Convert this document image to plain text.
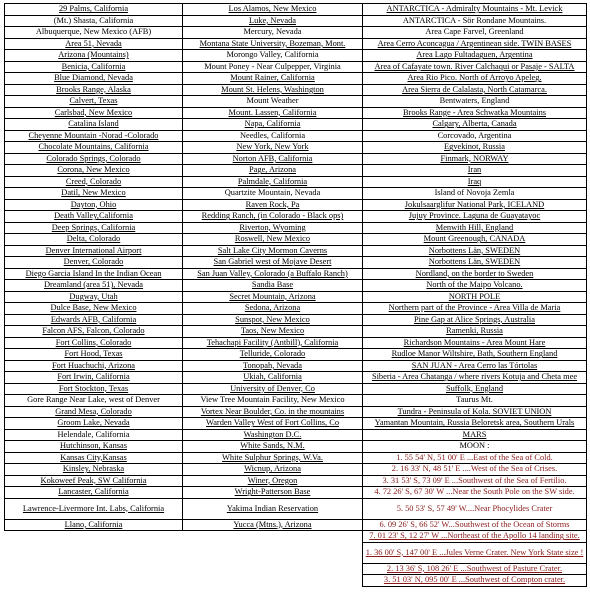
29 Palms, California	Los Alamos, New Mexico	ANTARCTICA - Admiralty Mountains - Mt. Levick
(Mt.) Shasta, California	Luke, Nevada	ANTARCTICA - Sör Rondane Mountains.
Albuquerque, New Mexico (AFB)	Mercury, Nevada	Area Cape Farvel, Greenland
Area 51, Nevada	Montana State University, Bozeman, Mont.	Area Cerro Aconcagua / Argentinean side. TWIN BASES
Arizona (Mountains)	Morongo Valley, California	Area Lago Fultadaguen, Argentina
Benicia, California	Mount Poney - Near Culpepper, Virginia	Area of Cafayate town. River Calchaqui or Pasaje - SALTA
Blue Diamond, Nevada	Mount Rainer, California	Area Rio Pico. North of Arroyo Apeleg.
Brooks Range, Alaska	Mount St. Helens, Washington	Area Sierra de Calalasta, North Catamarca.
Calvert, Texas	Mount Weather	Bentwaters, England
Carlsbad, New Mexico	Mount. Lassen, California	Brooks Range - Area Schwatka Mountains
Catalina Island	Napa, California	Calgary, Alberta, Canada
Cheyenne Mountain -Norad -Colorado	Needles, California	Corcovado, Argentina
Chocolate Mountains, California	New York, New York	Egvekinot, Russia
Colorado Springs, Colorado	Norton AFB, California	Finmark, NORWAY
Corona, New Mexico	Page, Arizona	Iran
Creed, Colorado	Palmdale, California	Iraq
Datil, New Mexico	Quartzite Mountain, Nevada	Island of Novoja Zemla
Dayton, Ohio	Raven Rock, Pa	Jokulsaarglifur National Park, ICELAND
Death Valley,California	Redding Ranch, (in Colorado - Black ops)	Jujuy Province. Laguna de Guayatayoc
Deep Springs, California	Riverton, Wyoming	Menwith Hill, England
Delta, Colorado	Roswell, New Mexico	Mount Greenough, CANADA
Denver International Airport	Salt Lake City Mormon Caverns	Norbottens Län, SWEDEN
Denver, Colorado	San Gabriel west of Mojave Desert	Norbottens Län, SWEDEN
Diego Garcia Island In the Indian Ocean	San Juan Valley, Colorado (a Buffalo Ranch)	Nordland, on the border to Sweden
Dreamland (area 51), Nevada	Sandia Base	North of the Maipo Volcano.
Dugway, Utah	Secret Mountain, Arizona	NORTH POLE
Dulce Base, New Mexico	Sedona, Arizona	Northern part of the Province - Area Villa de Maria
Edwards AFB, California	Sunspot, New Mexico	Pine Gap at Alice Springs, Australia
Falcon AFS, Falcon, Colorado	Taos, New Mexico	Ramenki, Russia
Fort Collins, Colorado	Tehachapi Facility (Antbill), California	Richardson Mountains - Area Mount Hare
Fort Hood, Texas	Telluride, Colorado	Rudloe Manor Wiltshire, Bath, Southern England
Fort Huachuchi, Arizona	Tonopah, Nevada	SAN JUAN - Area Cerro las Tórtolas
Fort Irwin, California	Ukiah, California	Siberia - Area Chatanga / where rivers Kotuja and Cheta mee
Fort Stockton, Texas	University of Denver, Co	Suffolk, England
Gore Range Near Lake, west of Denver	View Tree Mountain Facility, New Mexico	Taurus Mt.
Grand Mesa, Colorado	Vortex Near Boulder, Co. in the mountains	Tundra - Peninsula of Kola. SOVIET UNION
Groom Lake, Nevada	Warden Valley West of Fort Collins, Co	Yamantan Mountain, Russia Beloretsk area, Southern Urals
Helendale, California	Washington D.C.	MARS
Hutchinson, Kansas	White Sands, N.M.	MOON :
Kansas City,Kansas	White Sulphur Springs, W.Va.	1. 55 54' N, 51 00' E ...East of the Sea of Cold.
Kinsley, Nebraska	Wicnup, Arizona	2. 16 33' N, 48 51' E ....West of the Sea of Crises.
Kokoweef Peak, SW California	Winer, Oregon	3. 31 53' S, 73 09' E ...Southwest of the Sea of Fertilio.
Lancaster, California	Wright-Patterson Base	4. 72 26' S, 67 30' W ...Near the South Pole on the SW side.
Lawrence-Livermore Int. Labs, California	Yakima Indian Reservation	5. 50 53' S, 57 49' W....Near Phocylides Crater
Llano, California	Yucca (Mtns.), Arizona	6. 09 26' S, 66 52' W...Southwest of the Ocean of Storms
		7. 01 23' S, 12 27' W ...Northeast of the Apollo 14 landing site.
		1. 36 00' S, 147 00' E ...Jules Verne Crater. New York State size !
		2. 13 36' S, 108 26' E ...Southwest of Pasture Crater.
		3. 51 03' N, 095 00' E ...Southwest of Compton crater.
